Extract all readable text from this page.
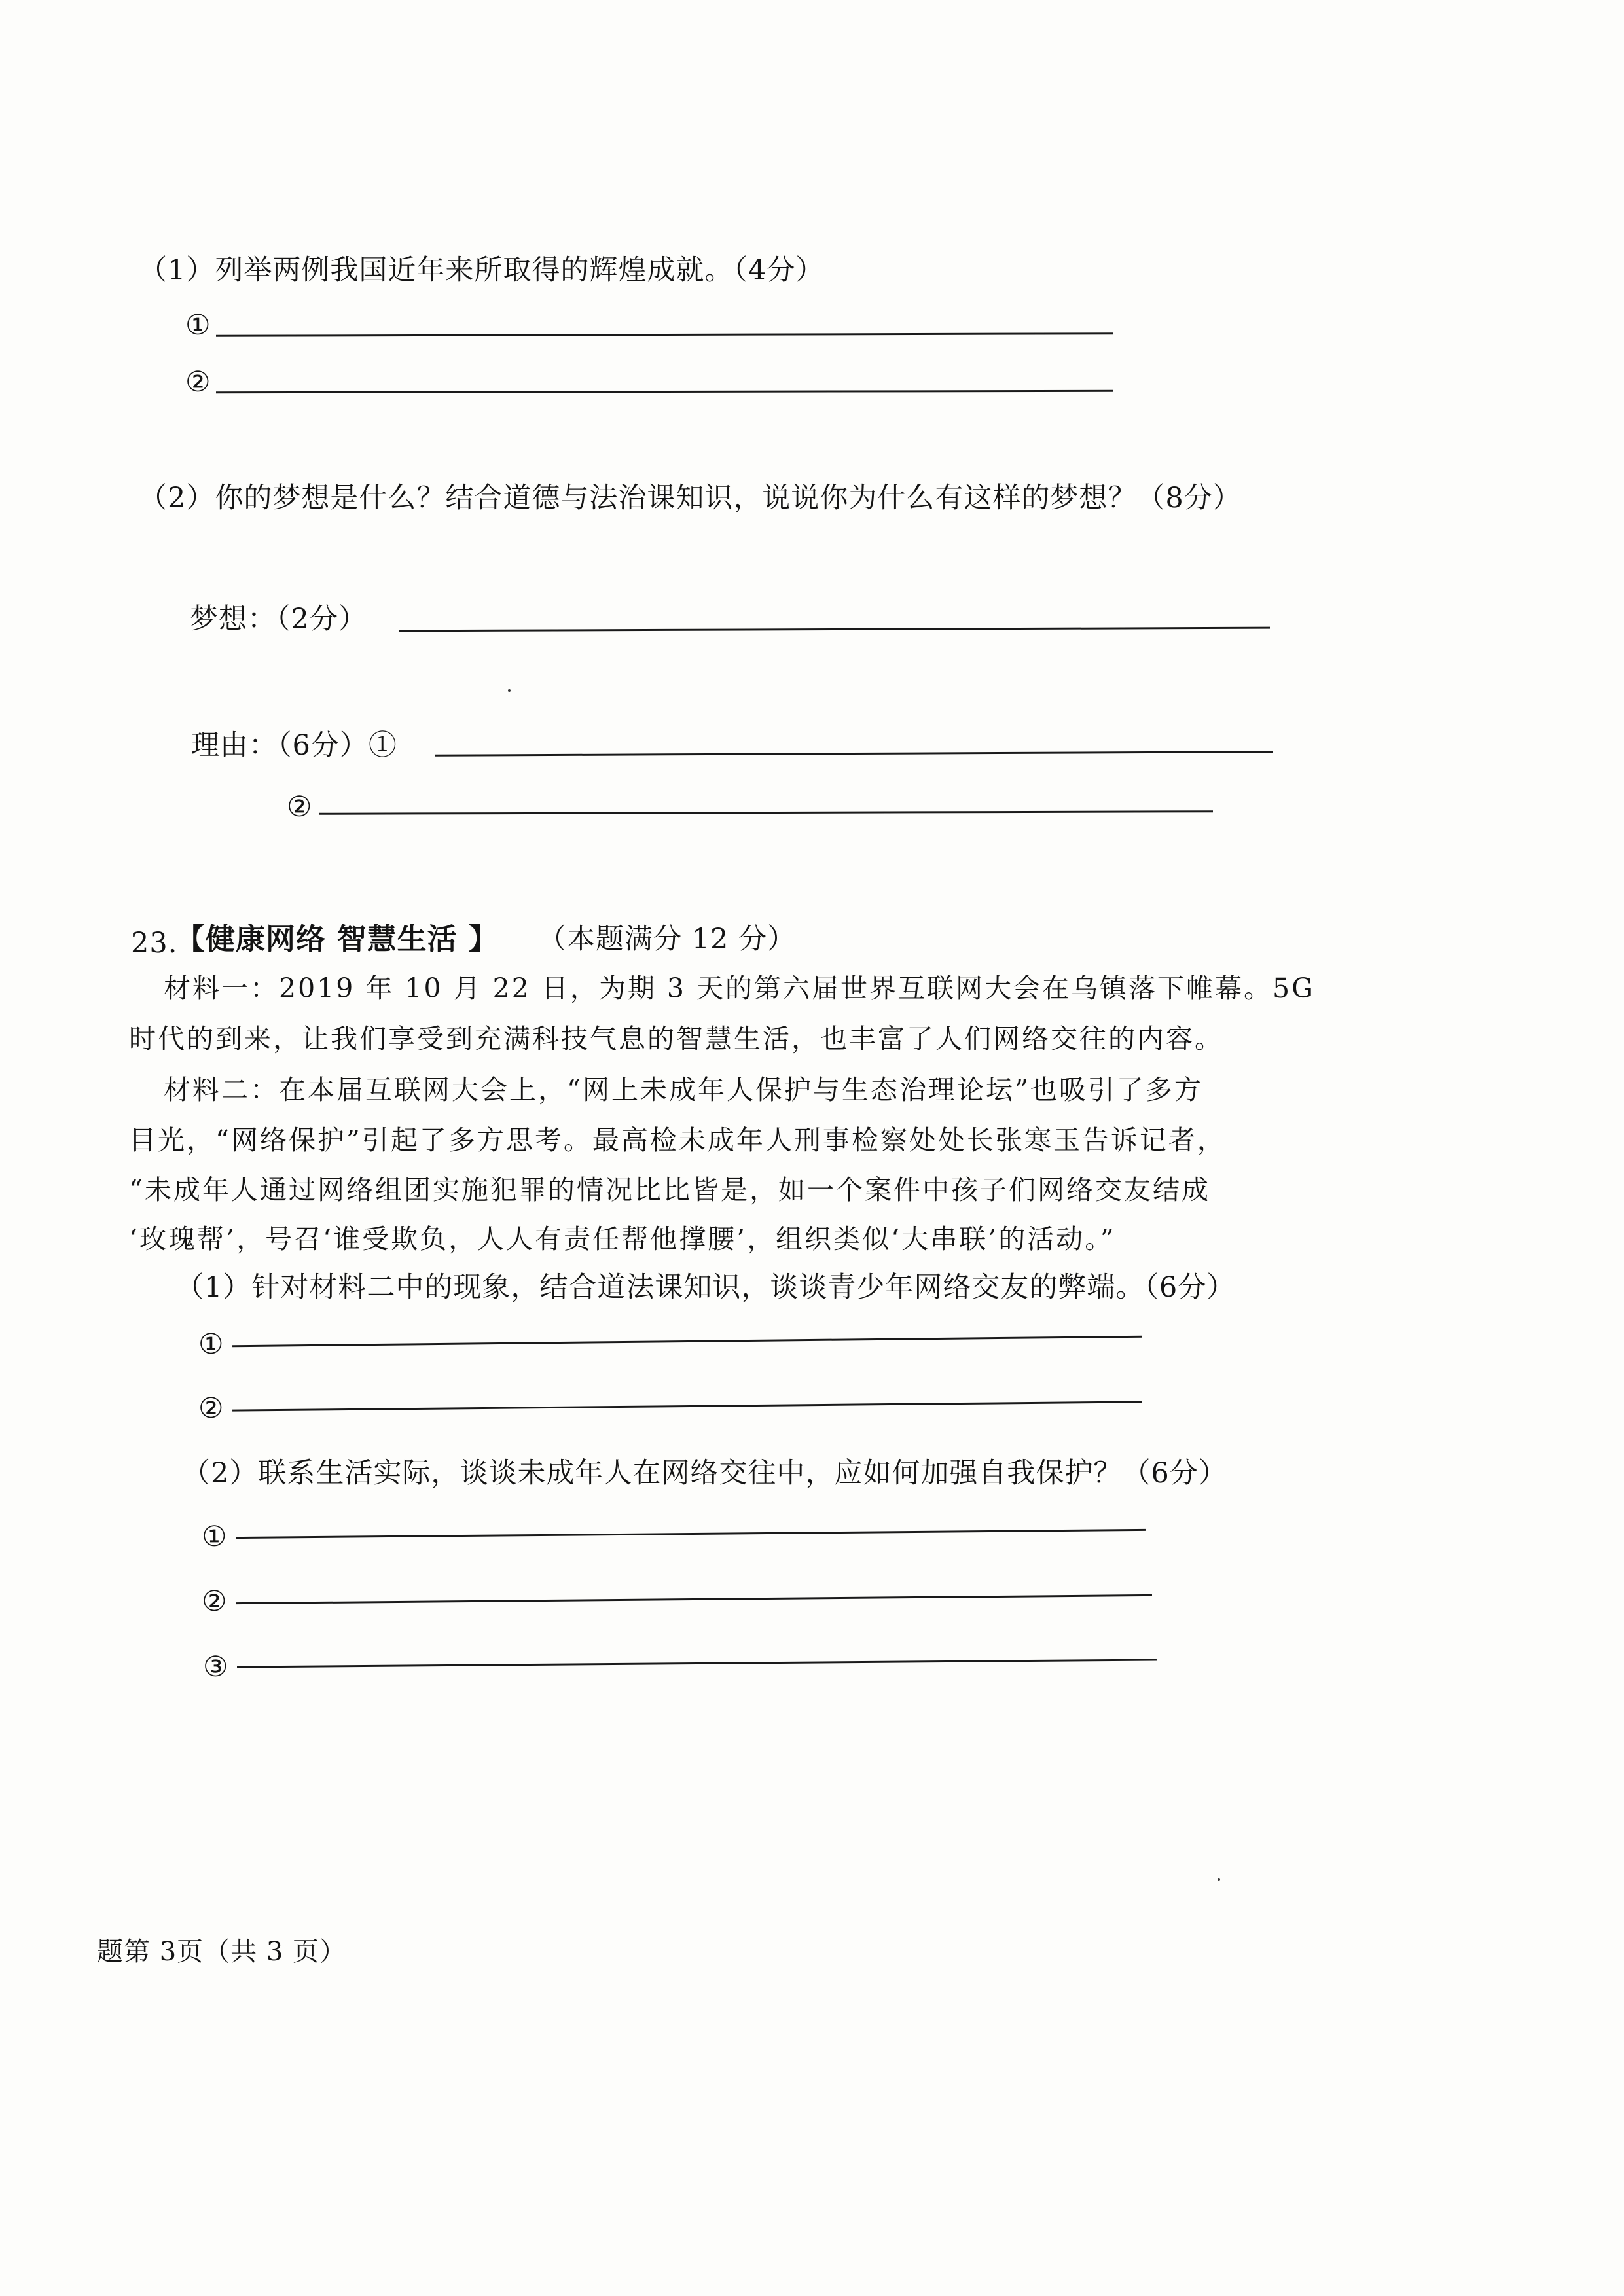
（1）列举两例我国近年来所取得的辉煌成就。（4分）
①
②
（2）你的梦想是什么？结合道德与法治课知识，说说你为什么有这样的梦想？（8分）
梦想：（2分）
理由：（6分）①
②
23.
【健康网络 智慧生活 】 （本题满分 12 分）
材料一：2019 年 10 月 22 日，为期 3 天的第六届世界互联网大会在乌镇落下帷幕。5G
时代的到来，让我们享受到充满科技气息的智慧生活，也丰富了人们网络交往的内容。
材料二：在本届互联网大会上，“网上未成年人保护与生态治理论坛”也吸引了多方
目光，“网络保护”引起了多方思考。最高检未成年人刑事检察处处长张寒玉告诉记者，
“未成年人通过网络组团实施犯罪的情况比比皆是，如一个案件中孩子们网络交友结成
‘玫瑰帮’，号召‘谁受欺负，人人有责任帮他撑腰’，组织类似‘大串联’的活动。”
（1）针对材料二中的现象，结合道法课知识，谈谈青少年网络交友的弊端。（6分）
①
②
（2）联系生活实际，谈谈未成年人在网络交往中，应如何加强自我保护？（6分）
①
②
③
题第 3页（共 3 页）
